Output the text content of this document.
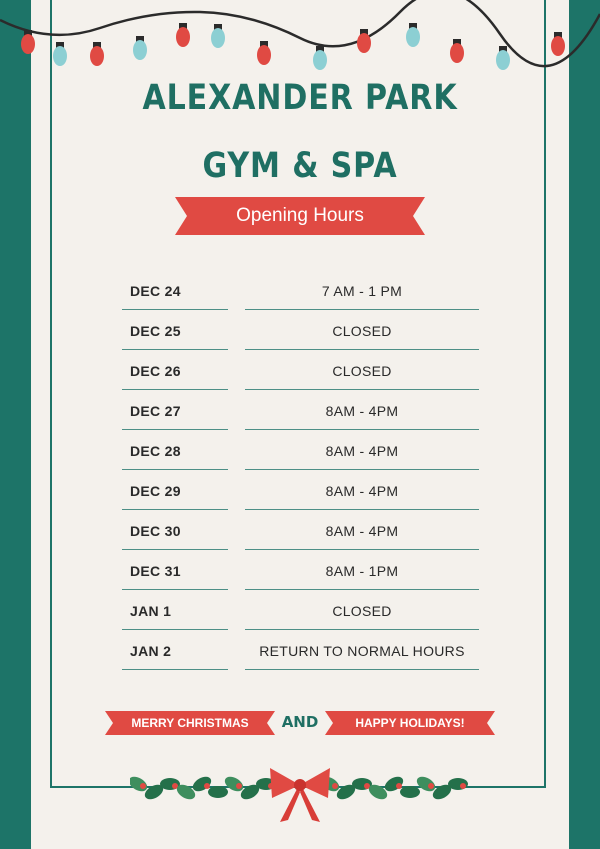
ALEXANDER PARK
GYM & SPA
Opening Hours
DEC 24	7 AM - 1 PM
DEC 25	CLOSED
DEC 26	CLOSED
DEC 27	8AM - 4PM
DEC 28	8AM - 4PM
DEC 29	8AM - 4PM
DEC 30	8AM - 4PM
DEC 31	8AM - 1PM
JAN 1	CLOSED
JAN 2	RETURN TO NORMAL HOURS
MERRY CHRISTMAS	AND	HAPPY HOLIDAYS!
